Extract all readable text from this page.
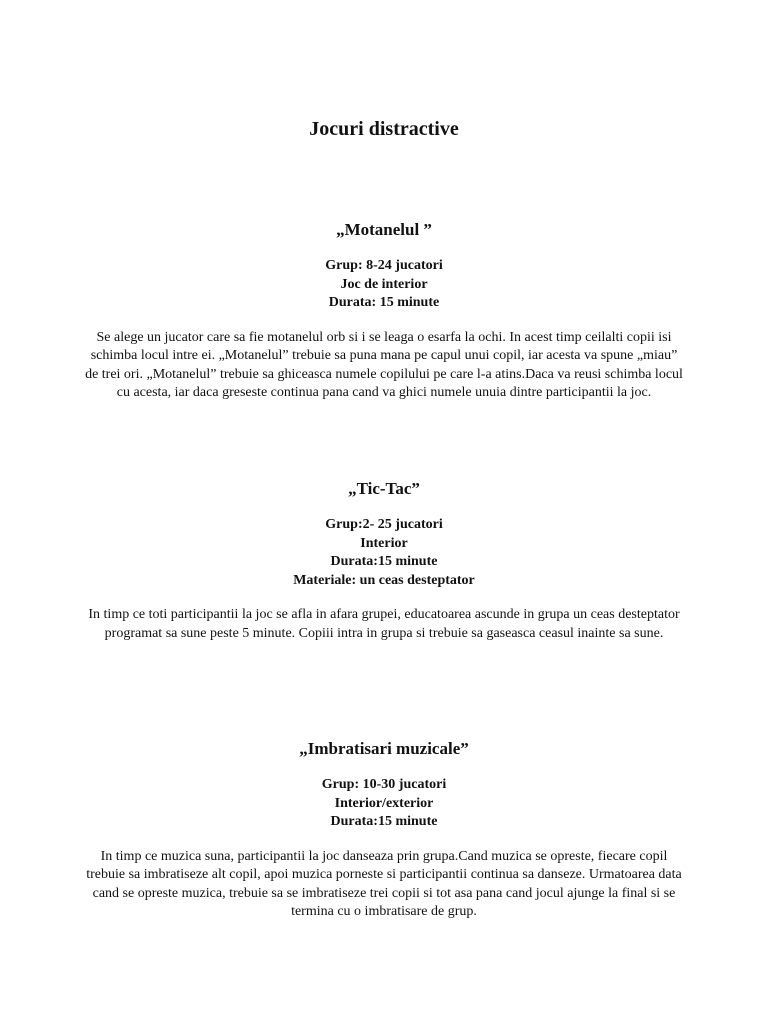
Jocuri distractive
„Motanelul ”
Grup: 8-24 jucatori
Joc de interior
Durata: 15 minute

Se alege un jucator care sa fie motanelul orb si i se leaga o esarfa la ochi. In acest timp ceilalti copii isi schimba locul intre ei. „Motanelul” trebuie sa puna mana pe capul unui copil, iar acesta va spune „miau” de trei ori. „Motanelul” trebuie sa ghiceasca numele copilului pe care l-a atins.Daca va reusi schimba locul cu acesta, iar daca greseste continua pana cand va ghici numele unuia dintre participantii la joc.

„Tic-Tac”
Grup:2- 25 jucatori
Interior
Durata:15 minute
Materiale: un ceas desteptator

In timp ce toti participantii la joc se afla in afara grupei, educatoarea ascunde in grupa un ceas desteptator programat sa sune peste 5 minute. Copiii intra in grupa si trebuie sa gaseasca ceasul inainte sa sune.

„Imbratisari muzicale”
Grup: 10-30 jucatori
Interior/exterior
Durata:15 minute

In timp ce muzica suna, participantii la joc danseaza prin grupa.Cand muzica se opreste, fiecare copil trebuie sa imbratiseze alt copil, apoi muzica porneste si participantii continua sa danseze. Urmatoarea data cand se opreste muzica, trebuie sa se imbratiseze trei copii si tot asa pana cand jocul ajunge la final si se termina cu o imbratisare de grup.
